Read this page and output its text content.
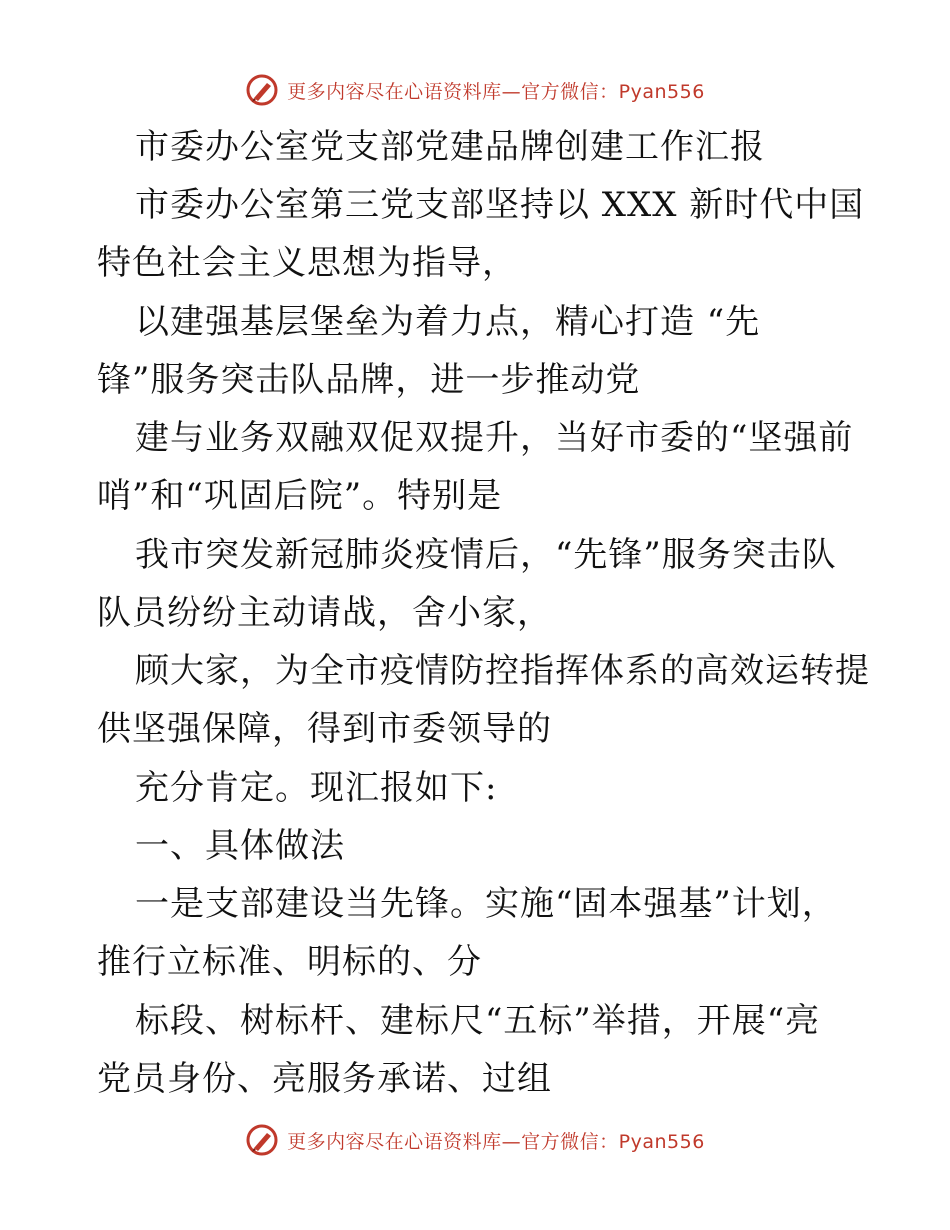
更多内容尽在心语资料库—官方微信：Pyan556
市委办公室党支部党建品牌创建工作汇报
市委办公室第三党支部坚持以 XXX 新时代中国
特色社会主义思想为指导，
以建强基层堡垒为着力点，精心打造 “先
锋”服务突击队品牌，进一步推动党
建与业务双融双促双提升，当好市委的“坚强前
哨”和“巩固后院”。特别是
我市突发新冠肺炎疫情后，“先锋”服务突击队
队员纷纷主动请战，舍小家，
顾大家，为全市疫情防控指挥体系的高效运转提
供坚强保障，得到市委领导的
充分肯定。现汇报如下:
一、具体做法
一是支部建设当先锋。实施“固本强基”计划，
推行立标准、明标的、分
标段、树标杆、建标尺“五标”举措，开展“亮
党员身份、亮服务承诺、过组
更多内容尽在心语资料库—官方微信：Pyan556
